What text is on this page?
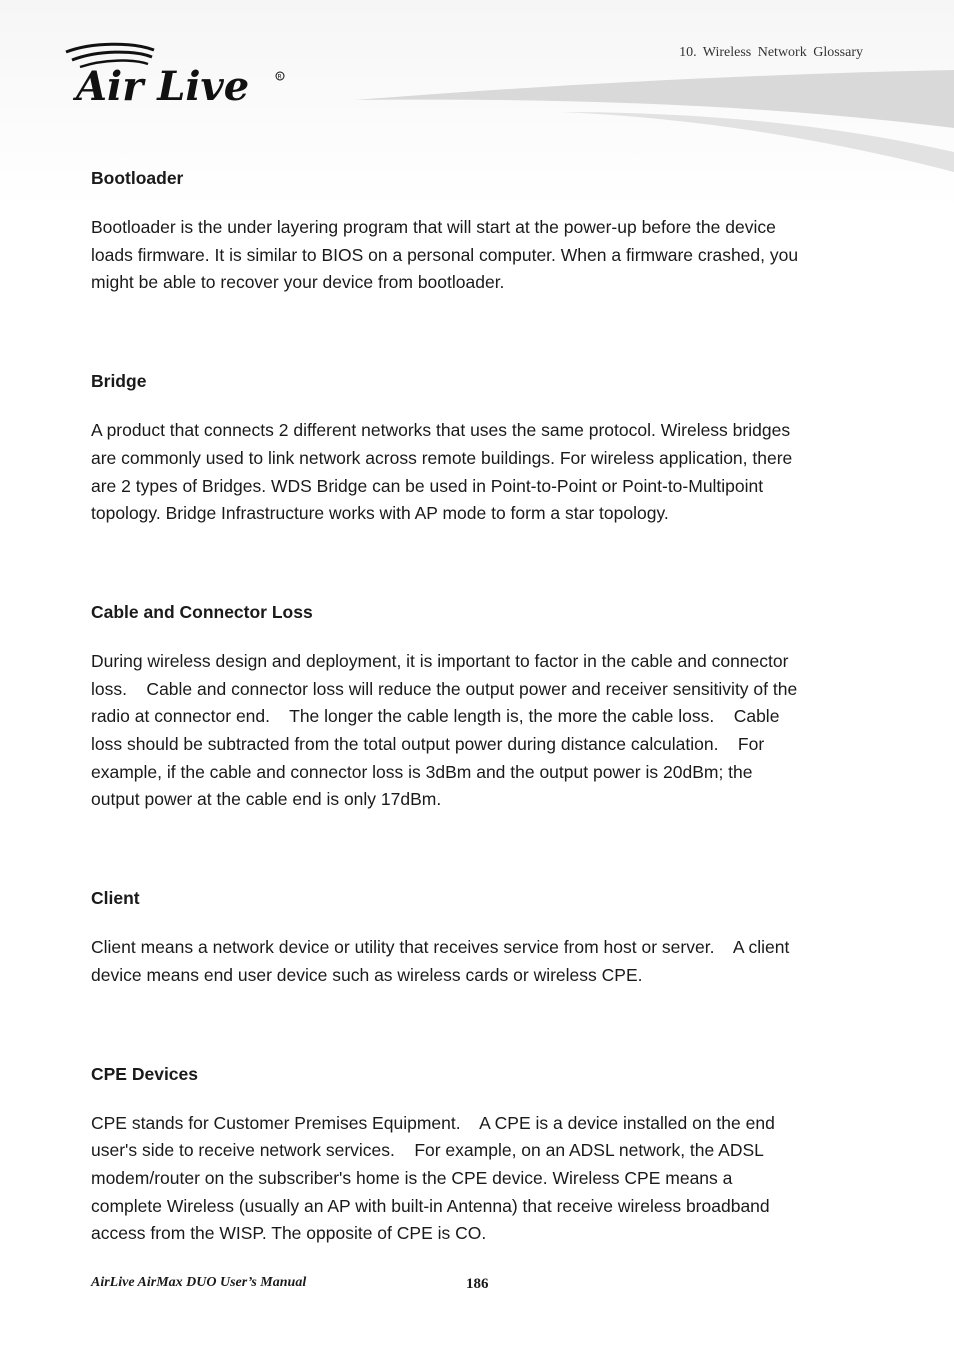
Air Live	R
10. Wireless Network Glossary

Bootloader

Bootloader is the under layering program that will start at the power-up before the device
loads firmware. It is similar to BIOS on a personal computer. When a firmware crashed, you
might be able to recover your device from bootloader.

Bridge

A product that connects 2 different networks that uses the same protocol. Wireless bridges
are commonly used to link network across remote buildings. For wireless application, there
are 2 types of Bridges. WDS Bridge can be used in Point-to-Point or Point-to-Multipoint
topology. Bridge Infrastructure works with AP mode to form a star topology.

Cable and Connector Loss

During wireless design and deployment, it is important to factor in the cable and connector
loss.    Cable and connector loss will reduce the output power and receiver sensitivity of the
radio at connector end.    The longer the cable length is, the more the cable loss.    Cable
loss should be subtracted from the total output power during distance calculation.    For
example, if the cable and connector loss is 3dBm and the output power is 20dBm; the
output power at the cable end is only 17dBm.

Client

Client means a network device or utility that receives service from host or server.    A client
device means end user device such as wireless cards or wireless CPE.

CPE Devices

CPE stands for Customer Premises Equipment.    A CPE is a device installed on the end
user's side to receive network services.    For example, on an ADSL network, the ADSL
modem/router on the subscriber's home is the CPE device. Wireless CPE means a
complete Wireless (usually an AP with built-in Antenna) that receive wireless broadband
access from the WISP. The opposite of CPE is CO.

AirLive AirMax DUO User’s Manual	186
